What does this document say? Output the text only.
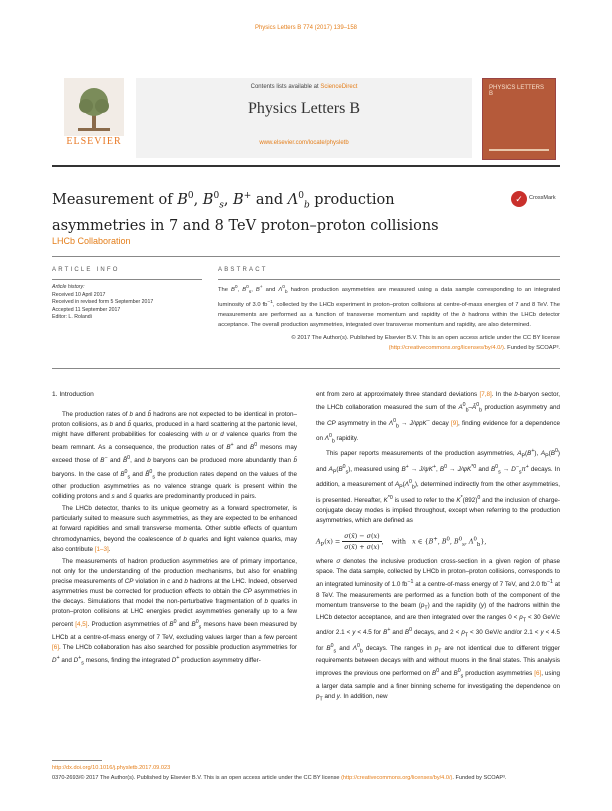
Physics Letters B 774 (2017) 139–158
ELSEVIER
Contents lists available at ScienceDirect
Physics Letters B
www.elsevier.com/locate/physletb
PHYSICS LETTERS B
Measurement of $B^0$, $B^0_s$, B+ and $\Lambda^0_b$ production asymmetries in 7 and 8 TeV proton–proton collisions
✓	CrossMark
LHCb Collaboration
ARTICLE INFO	ABSTRACT
Article history:
Received 10 April 2017
Received in revised form 5 September 2017
Accepted 11 September 2017
Editor: L. Rolandi
The $B^0$, $B^0_s$, B+ and $\Lambda^0_b$ hadron production asymmetries are measured using a data sample corresponding to an integrated luminosity of 3.0 $fb^{-1}$, collected by the LHCb experiment in proton–proton collisions at centre-of-mass energies of 7 and 8 TeV. The measurements are performed as a function of transverse momentum and rapidity of the b hadrons within the LHCb detector acceptance. The overall production asymmetries, integrated over transverse momentum and rapidity, are also determined.
© 2017 The Author(s). Published by Elsevier B.V. This is an open access article under the CC BY license
(http://creativecommons.org/licenses/by/4.0/). Funded by SCOAP³.
1. Introduction

The production rates of b and b̄ hadrons are not expected to be identical in proton–proton collisions, as b and b̄ quarks, produced in a hard scattering at the partonic level, might have different probabilities for coalescing with u or d valence quarks from the beam remnant. As a consequence, the production rates of B+ and $B^0$ mesons may exceed those of B− and B̄$^0$, and b baryons can be produced more abundantly than b̄ baryons. In the case of $B^0_s$ and B̄$^0_s$ the production rates depend on the values of the other production asymmetries as no valence strange quark is present within the colliding protons and s and s̄ quarks are predominantly produced in pairs.

The LHCb detector, thanks to its unique geometry as a forward spectrometer, is particularly suited to measure such asymmetries, as they are expected to be enhanced at forward rapidities and small transverse momenta. Other subtle effects of quantum chromodynamics, beyond the coalescence of b quarks and light valence quarks, may also contribute [1–3].

The measurements of hadron production asymmetries are of primary importance, not only for the understanding of the production mechanisms, but also for enabling precise measurements of CP violation in c and b hadrons at the LHC. Indeed, observed asymmetries must be corrected for production effects to obtain the CP asymmetries in the decays. Simulations that model the non-perturbative fragmentation of b quarks in proton–proton collisions at LHC energies predict asymmetries generally up to a few percent [4,5]. Production asymmetries of $B^0$ and $B^0_s$ mesons have been measured by LHCb at a centre-of-mass energy of 7 TeV, excluding values larger than a few percent [6]. The LHCb collaboration has also searched for possible production asymmetries for D+ and $D^+_s$ mesons, finding the integrated D+ production asymmetry differ-

ent from zero at approximately three standard deviations [7,8]. In the b-baryon sector, the LHCb collaboration measured the sum of the $A^0_b-Ā^0_b$ production asymmetry and the CP asymmetry in the $\Lambda^0_b \to J/\psi pK^-$ decay [9], finding evidence for a dependence on $\Lambda^0_b$ rapidity.

This paper reports measurements of the production asymmetries, $A_P(B^+)$, $A_P(B^0)$ and $A_P(B^0_s)$, measured using B+ → J/ψK+, $B^0 \to J/\psi K^{*0}$ and $B^0_s \to D^-_s\pi^+$ decays. In addition, a measurement of $A_P(\Lambda^0_b)$, determined indirectly from the other asymmetries, is presented. Hereafter, $K^{*0}$ is used to refer to the $K^*(892)^0$ and the inclusion of charge-conjugate decay modes is implied throughout, except when referring to the production asymmetries, which are defined as

$A_P(x) = \frac{\sigma(x̄) - \sigma(x)}{\sigma(x̄) + \sigma(x)}$ ,    with   x ∈ {B+, $B^0$, $B^0_s$, $\Lambda^0_b$},

where σ denotes the inclusive production cross-section in a given region of phase space. The data sample, collected by LHCb in proton–proton collisions, corresponds to an integrated luminosity of 1.0 $fb^{-1}$ at a centre-of-mass energy of 7 TeV, and 2.0 $fb^{-1}$ at 8 TeV. The measurements are performed as a function both of the component of the momentum transverse to the beam $(p_T)$ and the rapidity (y) of the hadrons within the LHCb detector acceptance, and are then integrated over the ranges $0 < p_T < 30$ GeV/c and/or 2.1 < y < 4.5 for B+ and $B^0$ decays, and $2 < p_T < 30$ GeV/c and/or 2.1 < y < 4.5 for $B^0_s$ and $\Lambda^0_b$ decays. The ranges in $p_T$ are not identical due to different trigger requirements between decays with and without muons in the final states. This analysis improves the previous one performed on $B^0$ and $B^0_s$ production asymmetries [6], using a larger data sample and a finer binning scheme for investigating the dependence on $p_T$ and y. In addition, new

http://dx.doi.org/10.1016/j.physletb.2017.09.023
0370-2693/© 2017 The Author(s). Published by Elsevier B.V. This is an open access article under the CC BY license (http://creativecommons.org/licenses/by/4.0/). Funded by SCOAP³.
